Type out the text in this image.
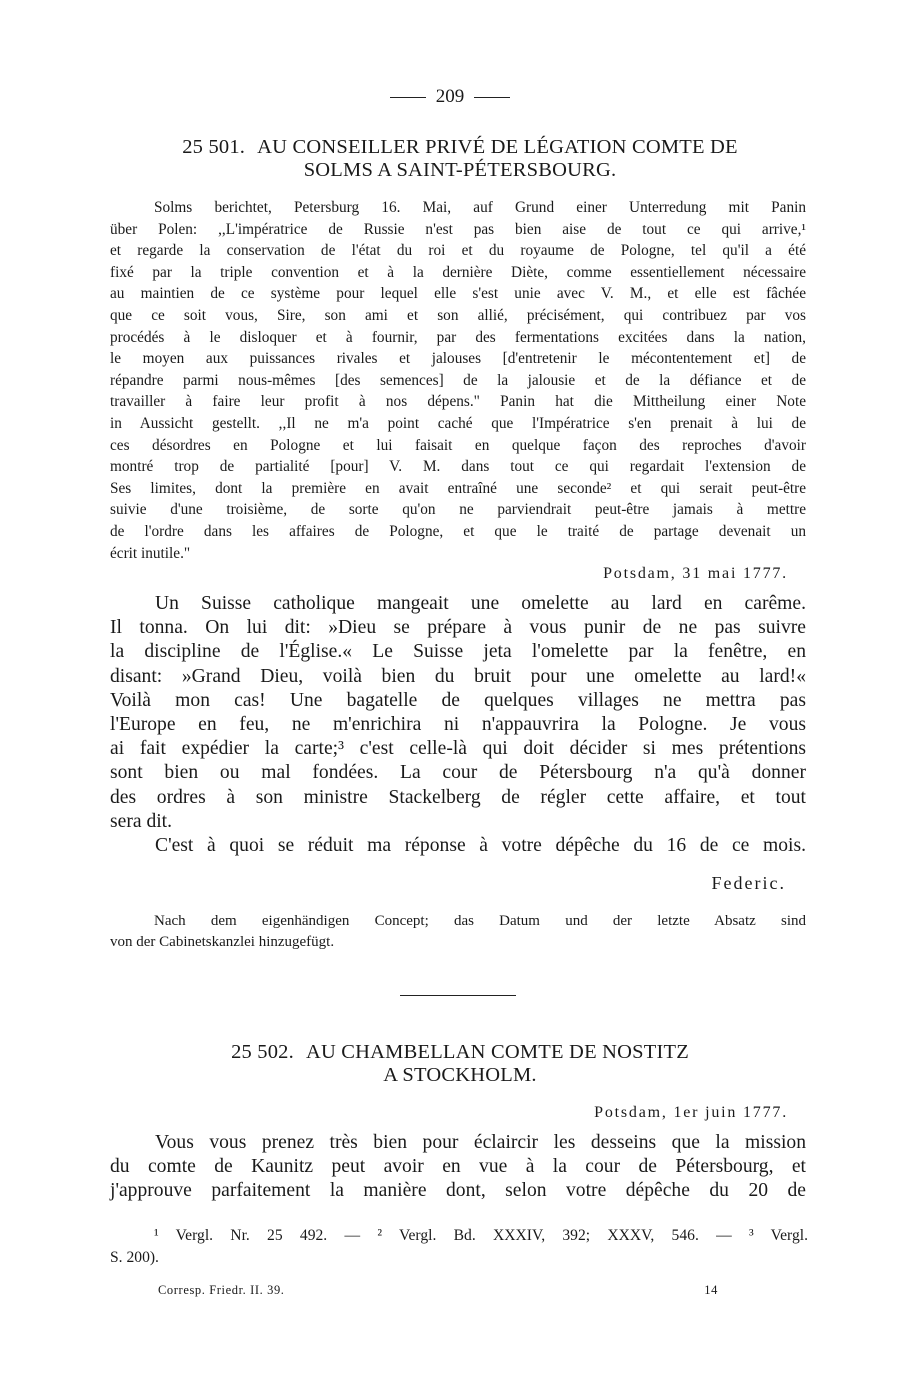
209
25 501. AU CONSEILLER PRIVÉ DE LÉGATION COMTE DE
SOLMS A SAINT-PÉTERSBOURG.
Solms berichtet, Petersburg 16. Mai, auf Grund einer Unterredung mit Panin
über Polen: ,,L'impératrice de Russie n'est pas bien aise de tout ce qui arrive,¹
et regarde la conservation de l'état du roi et du royaume de Pologne, tel qu'il a été
fixé par la triple convention et à la dernière Diète, comme essentiellement nécessaire
au maintien de ce système pour lequel elle s'est unie avec V. M., et elle est fâchée
que ce soit vous, Sire, son ami et son allié, précisément, qui contribuez par vos
procédés à le disloquer et à fournir, par des fermentations excitées dans la nation,
le moyen aux puissances rivales et jalouses [d'entretenir le mécontentement et] de
répandre parmi nous-mêmes [des semences] de la jalousie et de la défiance et de
travailler à faire leur profit à nos dépens." Panin hat die Mittheilung einer Note
in Aussicht gestellt. ,,Il ne m'a point caché que l'Impératrice s'en prenait à lui de
ces désordres en Pologne et lui faisait en quelque façon des reproches d'avoir
montré trop de partialité [pour] V. M. dans tout ce qui regardait l'extension de
Ses limites, dont la première en avait entraîné une seconde² et qui serait peut-être
suivie d'une troisième, de sorte qu'on ne parviendrait peut-être jamais à mettre
de l'ordre dans les affaires de Pologne, et que le traité de partage devenait un
écrit inutile."
Potsdam, 31 mai 1777.
Un Suisse catholique mangeait une omelette au lard en carême.
Il tonna. On lui dit: »Dieu se prépare à vous punir de ne pas suivre
la discipline de l'Église.« Le Suisse jeta l'omelette par la fenêtre, en
disant: »Grand Dieu, voilà bien du bruit pour une omelette au lard!«
Voilà mon cas! Une bagatelle de quelques villages ne mettra pas
l'Europe en feu, ne m'enrichira ni n'appauvrira la Pologne. Je vous
ai fait expédier la carte;³ c'est celle-là qui doit décider si mes prétentions
sont bien ou mal fondées. La cour de Pétersbourg n'a qu'à donner
des ordres à son ministre Stackelberg de régler cette affaire, et tout
sera dit.
C'est à quoi se réduit ma réponse à votre dépêche du 16 de ce mois.
Federic.
Nach dem eigenhändigen Concept; das Datum und der letzte Absatz sind
von der Cabinetskanzlei hinzugefügt.
25 502. AU CHAMBELLAN COMTE DE NOSTITZ
A STOCKHOLM.
Potsdam, 1er juin 1777.
Vous vous prenez très bien pour éclaircir les desseins que la mission
du comte de Kaunitz peut avoir en vue à la cour de Pétersbourg, et
j'approuve parfaitement la manière dont, selon votre dépêche du 20 de
¹ Vergl. Nr. 25 492. — ² Vergl. Bd. XXXIV, 392; XXXV, 546. — ³ Vergl.
S. 200).
Corresp. Friedr. II. 39.	14
